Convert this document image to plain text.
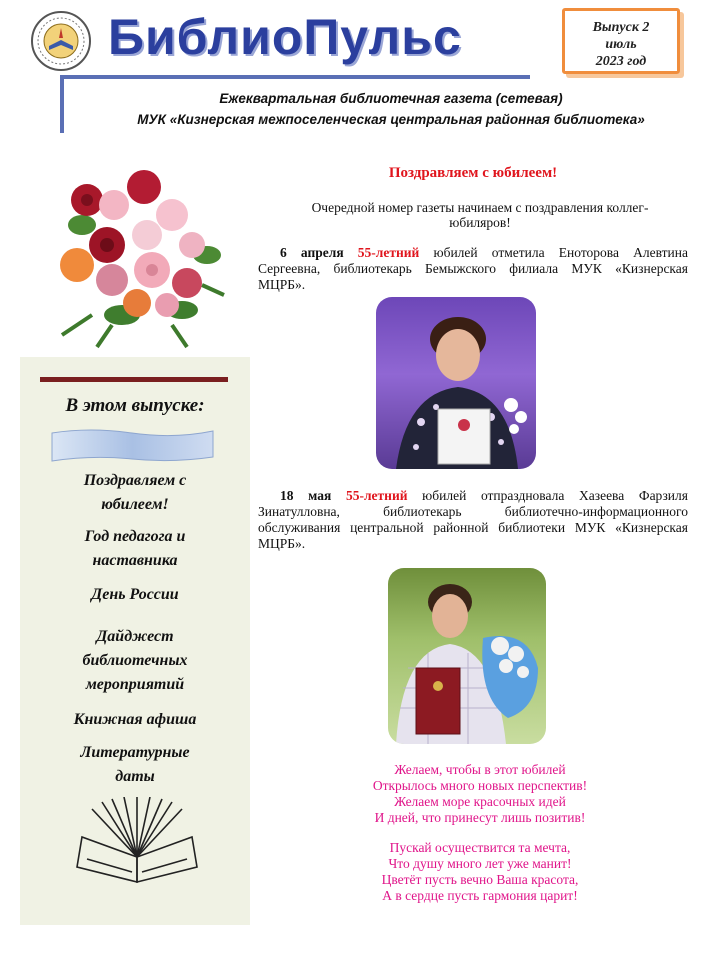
БиблиоПульс	Выпуск 2
июль
2023 год
Ежеквартальная библиотечная газета (сетевая)
МУК «Кизнерская межпоселенческая центральная районная библиотека»
В этом выпуске:
Поздравляем с юбилеем!
Год педагога и наставника
День России
Дайджест библиотечных мероприятий
Книжная афиша
Литературные даты
Поздравляем с юбилеем!
Очередной номер газеты начинаем с поздравления коллег-юбиляров!
6 апреля 55-летний юбилей отметила Еноторова Алевтина Сергеевна, библиотекарь Бемыжского филиала МУК «Кизнерская МЦРБ».
18 мая 55-летний юбилей отпраздновала Хазеева Фарзиля Зинатулловна, библиотекарь библиотечно-информационного обслуживания центральной районной библиотеки МУК «Кизнерская МЦРБ».
Желаем, чтобы в этот юбилей
Открылось много новых перспектив!
Желаем море красочных идей
И дней, что принесут лишь позитив!
Пускай осуществится та мечта,
Что душу много лет уже манит!
Цветёт пусть вечно Ваша красота,
А в сердце пусть гармония царит!
